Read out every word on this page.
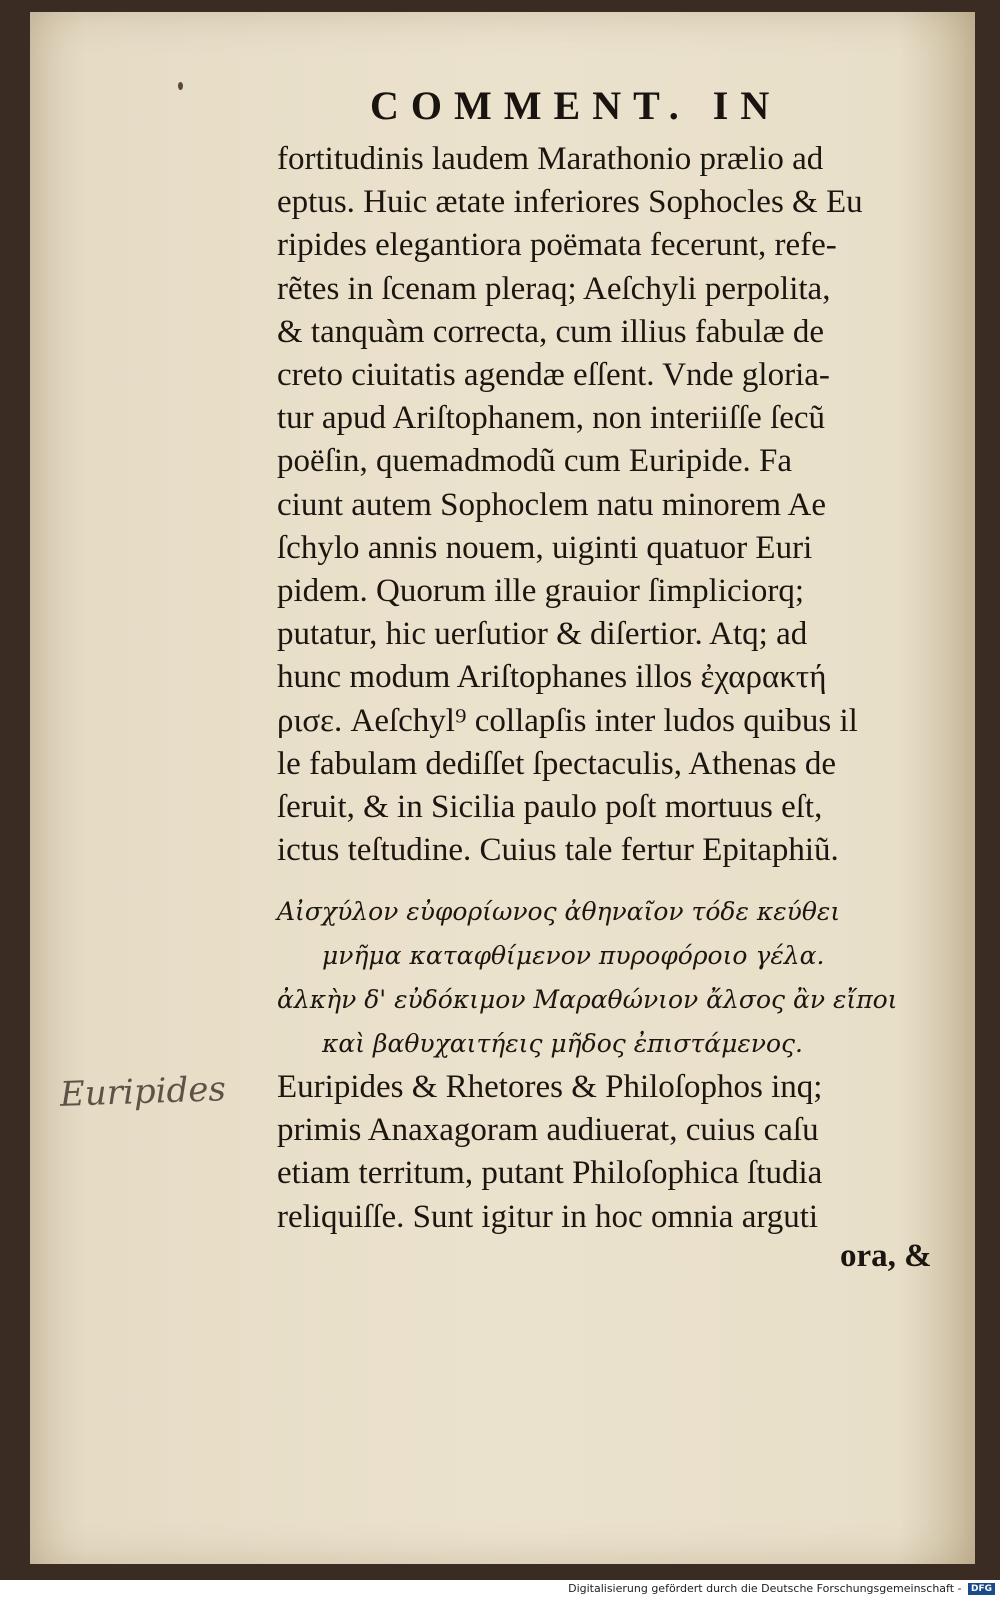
COMMENT. IN
fortitudinis laudem Marathonio prælio ad
eptus. Huic ætate inferiores Sophocles & Eu
ripides elegantiora poëmata fecerunt, refe-
rẽtes in ſcenam pleraq; Aeſchyli perpolita,
& tanquàm correcta, cum illius fabulæ de
creto ciuitatis agendæ eſſent. Vnde gloria-
tur apud Ariſtophanem, non interiiſſe ſecũ
poëſin, quemadmodũ cum Euripide. Fa
ciunt autem Sophoclem natu minorem Ae
ſchylo annis nouem, uiginti quatuor Euri
pidem. Quorum ille grauior ſimpliciorq;
putatur, hic uerſutior & diſertior. Atq; ad
hunc modum Ariſtophanes illos ἐχαρακτή
ρισε. Aeſchyl⁹ collapſis inter ludos quibus il
le fabulam dediſſet ſpectaculis, Athenas de
ſeruit, & in Sicilia paulo poſt mortuus eſt,
ictus teſtudine. Cuius tale fertur Epitaphiũ.
Αἰσχύλον εὐφορίωνος ἀθηναῖον τόδε κεύθει
μνῆμα καταφθίμενον πυροφόροιο γέλα.
ἀλκὴν δ' εὐδόκιμον Μαραθώνιον ἄλσος ἂν εἴποι
καὶ βαθυχαιτήεις μῆδος ἐπιστάμενος.
Euripides Euripides & Rhetores & Philoſophos inq;
primis Anaxagoram audiuerat, cuius caſu
etiam territum, putant Philoſophica ſtudia
reliquiſſe. Sunt igitur in hoc omnia arguti
ora, &
Digitalisierung gefördert durch die Deutsche Forschungsgemeinschaft - DFG
